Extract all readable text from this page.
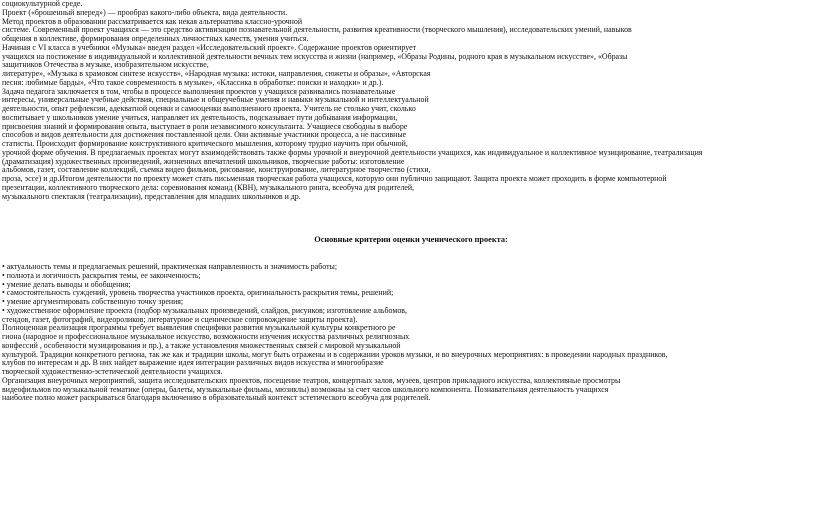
социокультурной среде.
Проект («брошенный вперед») — прообраз какого-либо объекта, вида деятельности.
Метод проектов в образовании рассматривается как некая альтернатива классно-урочной
системе. Современный проект учащихся — это средство активизации познавательной деятельности, развития креативности (творческого мышления), исследовательских умений, навыков
общения в коллективе, формирования определенных личностных качеств, умения учиться.
Начиная с VI класса в учебники «Музыка» введен раздел «Исследовательский проект». Содержание проектов ориентирует
учащихся на постижение в индивидуальной и коллективной деятельности вечных тем искусства и жизни (например, «Образы Родины, родного края в музыкальном искусстве», «Образы
защитников Отечества в музыке, изобразительном искусстве,
литературе», «Музыка в храмовом синтезе искусств», «Народная музыка: истоки, направления, сюжеты и образы», «Авторская
песня: любимые барды», «Что такое современность в музыке», «Классика в обработке: поиски и находки» и др.).
Задача педагога заключается в том, чтобы в процессе выполнения проектов у учащихся развивались познавательные
интересы, универсальные учебные действия, специальные и общеучебные умения и навыки музыкальной и интеллектуальной
деятельности, опыт рефлексии, адекватной оценки и самооценки выполненного проекта. Учитель не столько учит, сколько
воспитывает у школьников умение учиться, направляет их деятельность, подсказывает пути добывания информации,
присвоения знаний и формирования опыта, выступает в роли независимого консультанта. Учащиеся свободны в выборе
способов и видов деятельности для достижения поставленной цели. Они активные участники процесса, а не пассивные
статисты. Происходит формирование конструктивного критического мышления, которому трудно научить при обычной,
урочной форме обучения. В предлагаемых проектах могут взаимодействовать также формы урочной и внеурочной деятельности учащихся, как индивидуальное и коллективное музицирование, театрализация
(драматизация) художественных произведений, жизненных впечатлений школьников, творческие работы: изготовление
альбомов, газет, составление коллекций, съемка видео фильмов, рисование, конструирование, литературное творчество (стихи,
проза, эссе) и др.Итогом деятельности по проекту может стать письменная творческая работа учащихся, которую они публично защищают. Защита проекта может проходить в форме компьютерной
презентации, коллективного творческого дела: соревнования команд (КВН), музыкального ринга, всеобуча для родителей,
музыкального спектакля (театрализации), представления для младших школьников и др.
Основные критерии оценки ученического проекта:
• актуальность темы и предлагаемых решений, практическая направленность и значимость работы;
• полнота и логичность раскрытия темы, ее законченность;
• умение делать выводы и обобщения;
• самостоятельность суждений, уровень творчества участников проекта, оригинальность раскрытия темы, решений;
• умение аргументировать собственную точку зрения;
• художественное оформление проекта (подбор музыкальных произведений, слайдов, рисунков; изготовление альбомов,
стендов, газет, фотографий, видеороликов; литературное и сценическое сопровождение защиты проекта).
Полноценная реализация программы требует выявления специфики развития музыкальной культуры конкретного ре
гиона (народное и профессиональное музыкальное искусство, возможности изучения искусства различных религиозных
конфессий , особенности музицирования и пр.), а также установления множественных связей с мировой музыкальной
культурой. Традиции конкретного региона, так же как и традиции школы, могут быть отражены и в содержании уроков музыки, и во внеурочных мероприятиях: в проведении народных праздников,
клубов по интересам и др. В них найдет выражение идея интеграции различных видов искусства и многообразие
творческой художественно-эстетической деятельности учащихся.
Организация внеурочных мероприятий, защита исследовательских проектов, посещение театров, концертных залов, музеев, центров прикладного искусства, коллективные просмотры
видеофильмов по музыкальной тематике (оперы, балеты, музыкальные фильмы, мюзиклы) возможны за счет часов школьного компонента. Познавательная деятельность учащихся
наиболее полно может раскрываться благодаря включению в образовательный контекст эстетического всеобуча для родителей.
